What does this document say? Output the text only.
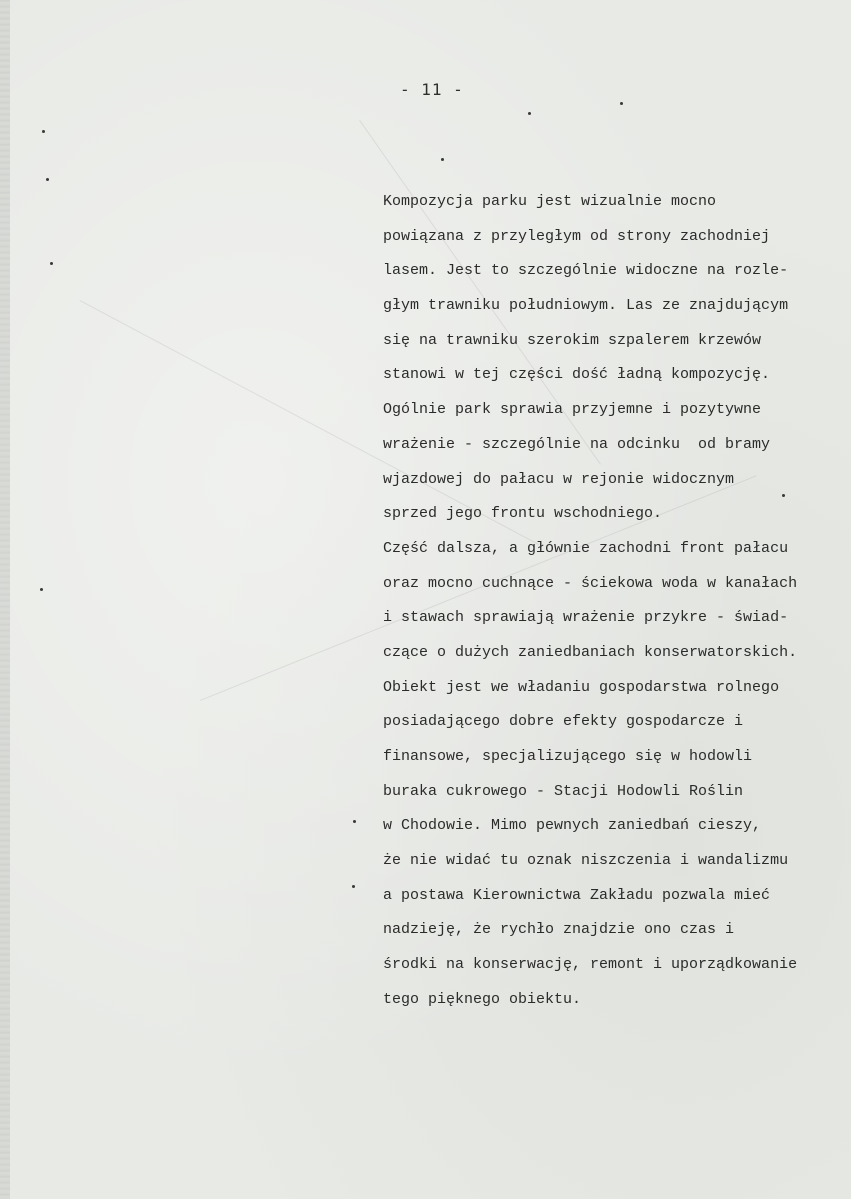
- 11 -
Kompozycja parku jest wizualnie mocno
powiązana z przyległym od strony zachodniej
lasem. Jest to szczególnie widoczne na rozle-
głym trawniku południowym. Las ze znajdującym
się na trawniku szerokim szpalerem krzewów
stanowi w tej części dość ładną kompozycję.
Ogólnie park sprawia przyjemne i pozytywne
wrażenie - szczególnie na odcinku  od bramy
wjazdowej do pałacu w rejonie widocznym
sprzed jego frontu wschodniego.
Część dalsza, a głównie zachodni front pałacu
oraz mocno cuchnące - ściekowa woda w kanałach
i stawach sprawiają wrażenie przykre - świad-
czące o dużych zaniedbaniach konserwatorskich.
Obiekt jest we władaniu gospodarstwa rolnego
posiadającego dobre efekty gospodarcze i
finansowe, specjalizującego się w hodowli
buraka cukrowego - Stacji Hodowli Roślin
w Chodowie. Mimo pewnych zaniedbań cieszy,
że nie widać tu oznak niszczenia i wandalizmu
a postawa Kierownictwa Zakładu pozwala mieć
nadzieję, że rychło znajdzie ono czas i
środki na konserwację, remont i uporządkowanie
tego pięknego obiektu.
